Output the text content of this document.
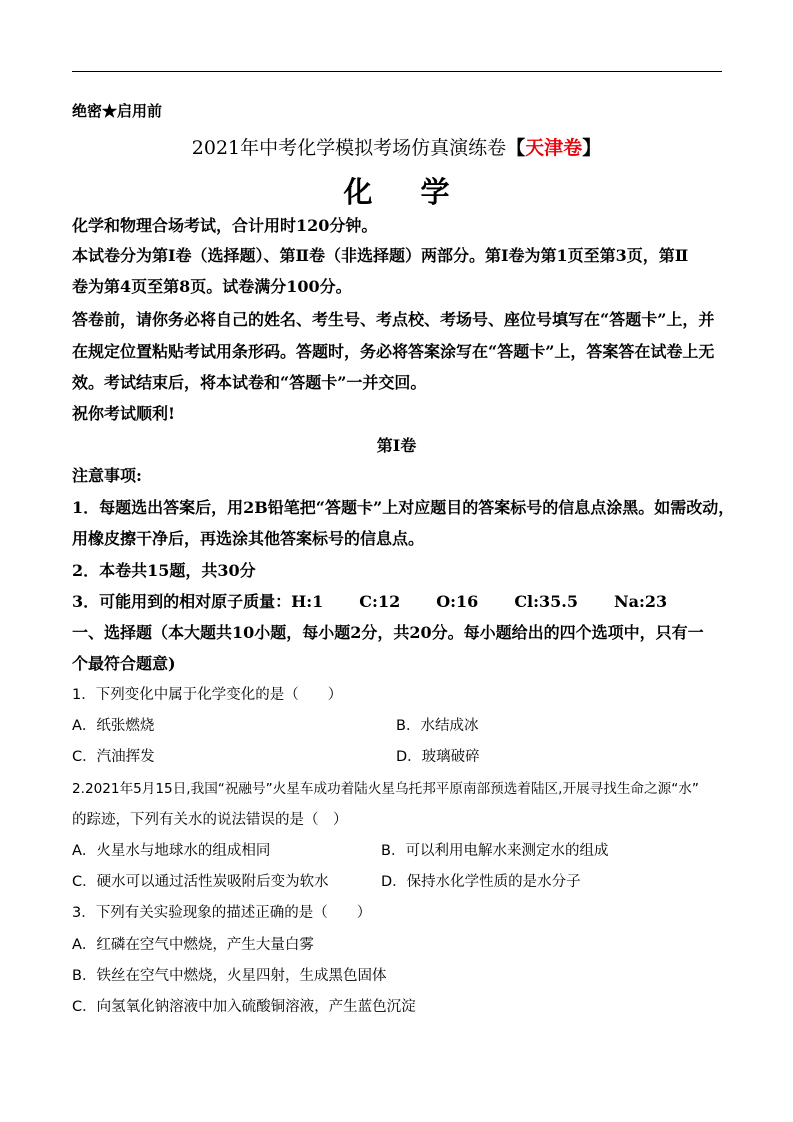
绝密★启用前
2021年中考化学模拟考场仿真演练卷【天津卷】
化学
化学和物理合场考试，合计用时120分钟。
本试卷分为第Ⅰ卷（选择题）、第Ⅱ卷（非选择题）两部分。第Ⅰ卷为第1页至第3页，第Ⅱ
卷为第4页至第8页。试卷满分100分。
答卷前，请你务必将自己的姓名、考生号、考点校、考场号、座位号填写在“答题卡”上，并
在规定位置粘贴考试用条形码。答题时，务必将答案涂写在“答题卡”上，答案答在试卷上无
效。考试结束后，将本试卷和“答题卡”一并交回。
祝你考试顺利!
第Ⅰ卷
注意事项:
1．每题选出答案后，用2B铅笔把“答题卡”上对应题目的答案标号的信息点涂黑。如需改动，
用橡皮擦干净后，再选涂其他答案标号的信息点。
2．本卷共15题，共30分
3．可能用到的相对原子质量：H:1 C:12 O:16 Cl:35.5 Na:23
一、选择题（本大题共10小题，每小题2分，共20分。每小题给出的四个选项中，只有一
个最符合题意)
1．下列变化中属于化学变化的是（　　）
A．纸张燃烧	B．水结成冰
C．汽油挥发	D．玻璃破碎
2.2021年5月15日,我国“祝融号”火星车成功着陆火星乌托邦平原南部预选着陆区,开展寻找生命之源“水”
的踪迹，下列有关水的说法错误的是（　）
A．火星水与地球水的组成相同	B．可以利用电解水来测定水的组成
C．硬水可以通过活性炭吸附后变为软水	D．保持水化学性质的是水分子
3．下列有关实验现象的描述正确的是（　　）
A．红磷在空气中燃烧，产生大量白雾
B．铁丝在空气中燃烧，火星四射，生成黑色固体
C．向氢氧化钠溶液中加入硫酸铜溶液，产生蓝色沉淀
